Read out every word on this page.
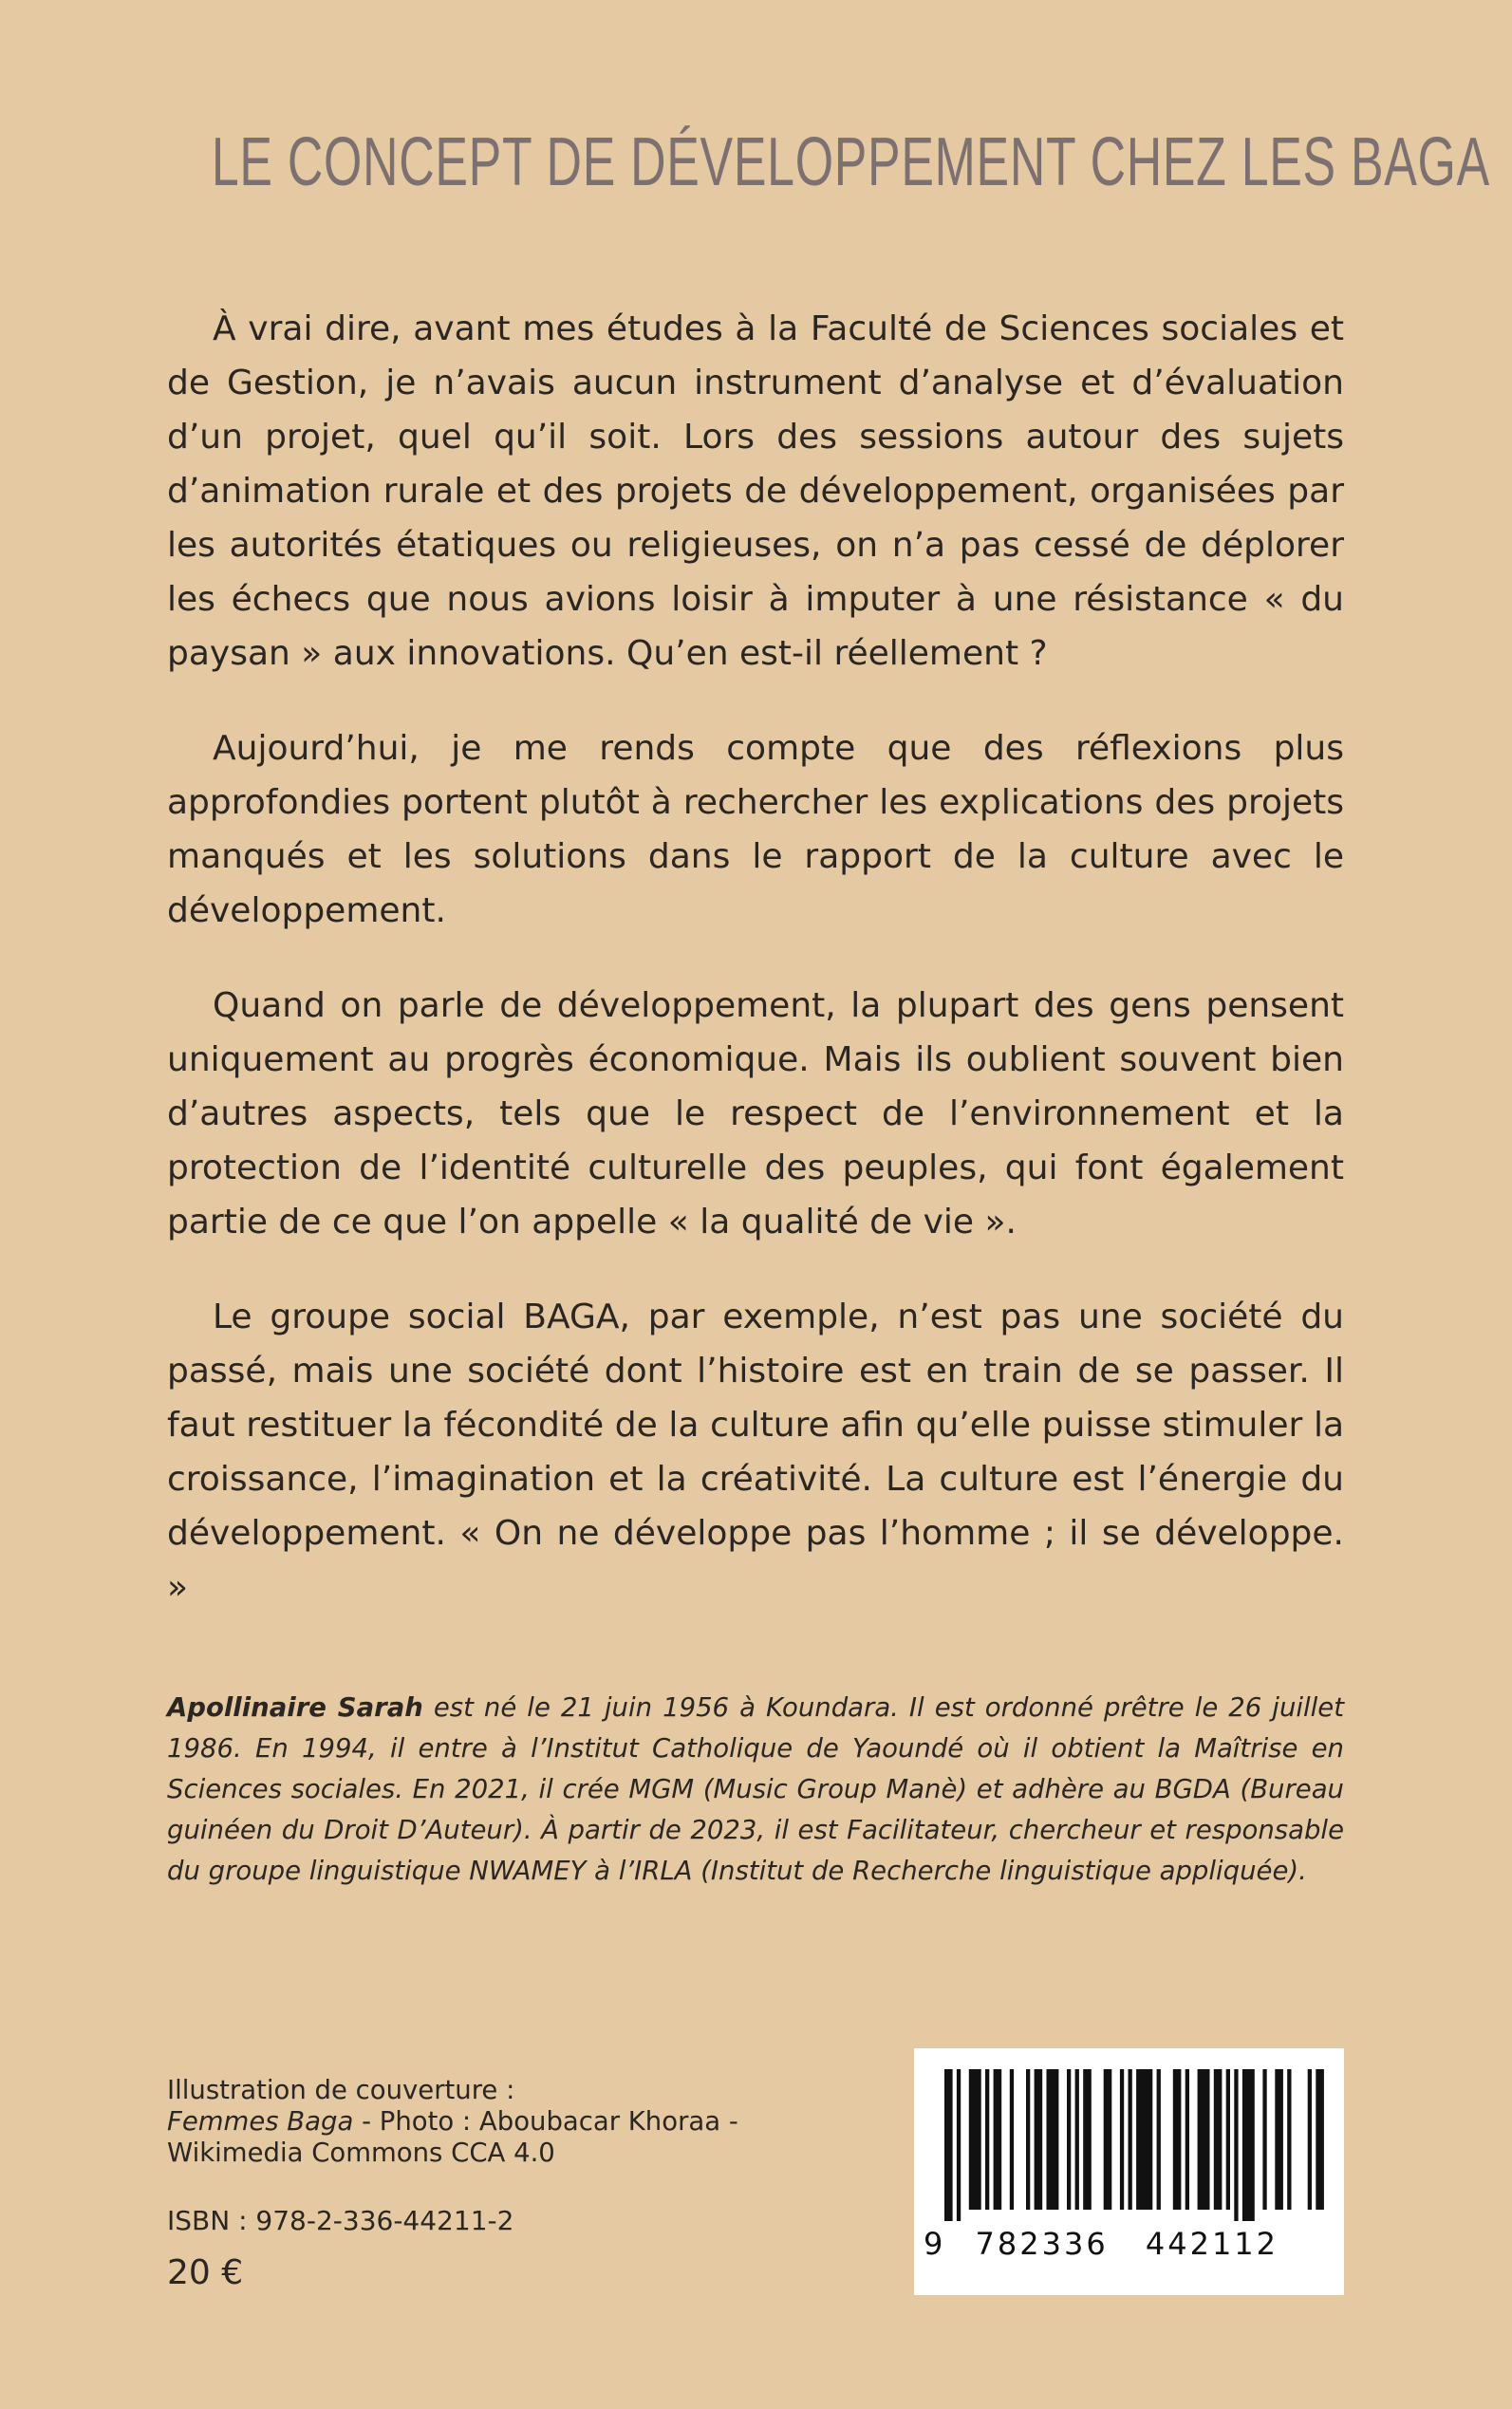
LE CONCEPT DE DÉVELOPPEMENT CHEZ LES BAGA

À vrai dire, avant mes études à la Faculté de Sciences sociales et de Gestion, je n’avais aucun instrument d’analyse et d’évaluation d’un projet, quel qu’il soit. Lors des sessions autour des sujets d’animation rurale et des projets de développement, organisées par les autorités étatiques ou religieuses, on n’a pas cessé de déplorer les échecs que nous avions loisir à imputer à une résistance « du paysan » aux innovations. Qu’en est-il réellement ?

Aujourd’hui, je me rends compte que des réflexions plus approfondies portent plutôt à rechercher les explications des projets manqués et les solutions dans le rapport de la culture avec le développement.

Quand on parle de développement, la plupart des gens pensent uniquement au progrès économique. Mais ils oublient souvent bien d’autres aspects, tels que le respect de l’environnement et la protection de l’identité culturelle des peuples, qui font également partie de ce que l’on appelle « la qualité de vie ».

Le groupe social BAGA, par exemple, n’est pas une société du passé, mais une société dont l’histoire est en train de se passer. Il faut restituer la fécondité de la culture afin qu’elle puisse stimuler la croissance, l’imagination et la créativité. La culture est l’énergie du développement. « On ne développe pas l’homme ; il se développe. »

Apollinaire Sarah est né le 21 juin 1956 à Koundara. Il est ordonné prêtre le 26 juillet 1986. En 1994, il entre à l’Institut Catholique de Yaoundé où il obtient la Maîtrise en Sciences sociales. En 2021, il crée MGM (Music Group Manè) et adhère au BGDA (Bureau guinéen du Droit D’Auteur). À partir de 2023, il est Facilitateur, chercheur et responsable du groupe linguistique NWAMEY à l’IRLA (Institut de Recherche linguistique appliquée).

Illustration de couverture :
Femmes Baga - Photo : Aboubacar Khoraa -
Wikimedia Commons CCA 4.0
ISBN : 978-2-336-44211-2
20 €
9 782336 442112
